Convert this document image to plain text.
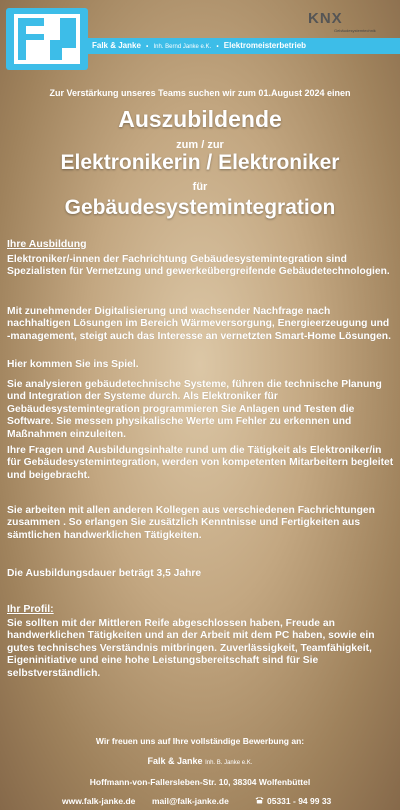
Falk & Janke • Inh. Bernd Janke e.K. • Elektromeisterbetrieb
KNX
Gebäudesystemtechnik
Zur Verstärkung unseres Teams suchen wir zum 01.August 2024 einen
Auszubildende
zum / zur
Elektronikerin / Elektroniker
für
Gebäudesystemintegration
Ihre Ausbildung
Elektroniker/-innen der Fachrichtung Gebäudesystemintegration sind Spezialisten für Vernetzung und gewerkeübergreifende Gebäudetechnologien.
Mit zunehmender Digitalisierung und wachsender Nachfrage nach nachhaltigen Lösungen im Bereich Wärmeversorgung, Energieerzeugung und -management, steigt auch das Interesse an vernetzten Smart-Home Lösungen.
Hier kommen Sie ins Spiel.
Sie analysieren gebäudetechnische Systeme, führen die technische Planung und Integration der Systeme durch. Als Elektroniker für Gebäudesystemintegration programmieren Sie Anlagen und Testen die Software. Sie messen physikalische Werte um Fehler zu erkennen und Maßnahmen einzuleiten.
Ihre Fragen und Ausbildungsinhalte rund um die Tätigkeit als Elektroniker/in für Gebäudesystemintegration, werden von kompetenten Mitarbeitern begleitet und beigebracht.
Sie arbeiten mit allen anderen Kollegen aus verschiedenen Fachrichtungen zusammen . So erlangen Sie zusätzlich Kenntnisse und Fertigkeiten aus sämtlichen handwerklichen Tätigkeiten.
Die Ausbildungsdauer beträgt 3,5 Jahre
Ihr Profil:
Sie sollten mit der Mittleren Reife abgeschlossen haben, Freude an handwerklichen Tätigkeiten und an der Arbeit mit dem PC haben, sowie ein gutes technisches Verständnis mitbringen. Zuverlässigkeit, Teamfähigkeit, Eigeninitiative und eine hohe Leistungsbereitschaft sind für Sie selbstverständlich.
Wir freuen uns auf Ihre vollständige Bewerbung an:
Falk & Janke Inh. B. Janke e.K.
Hoffmann-von-Fallersleben-Str. 10, 38304 Wolfenbüttel
www.falk-janke.de mail@falk-janke.de	05331 - 94 99 33
